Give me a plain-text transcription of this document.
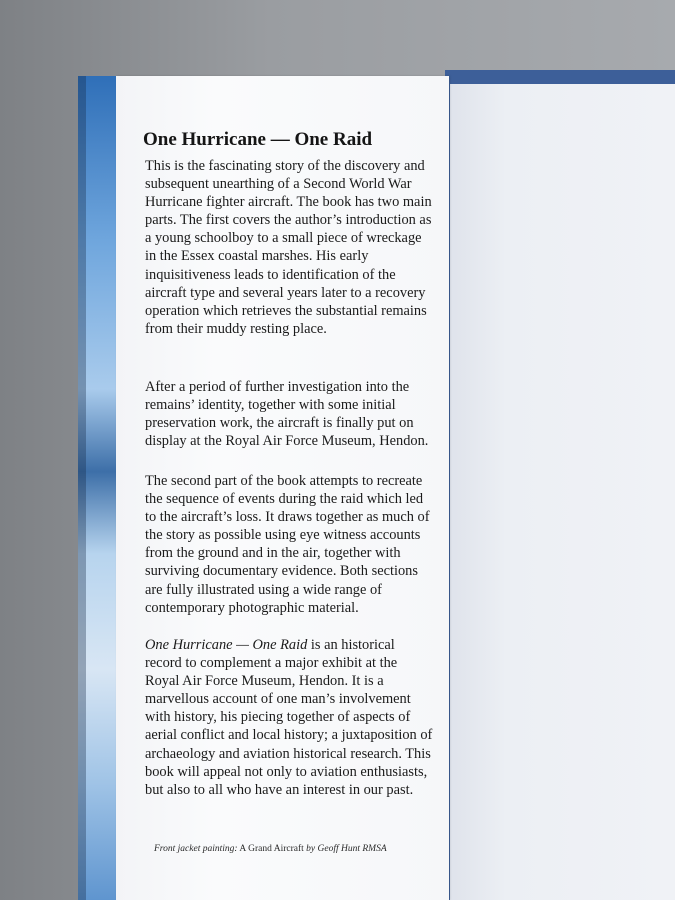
One Hurricane — One Raid

This is the fascinating story of the discovery and subsequent unearthing of a Second World War Hurricane fighter aircraft. The book has two main parts. The first covers the author’s introduction as a young schoolboy to a small piece of wreckage in the Essex coastal marshes. His early inquisitiveness leads to identification of the aircraft type and several years later to a recovery operation which retrieves the substantial remains from their muddy resting place.

After a period of further investigation into the remains’ identity, together with some initial preservation work, the aircraft is finally put on display at the Royal Air Force Museum, Hendon.

The second part of the book attempts to recreate the sequence of events during the raid which led to the aircraft’s loss. It draws together as much of the story as possible using eye witness accounts from the ground and in the air, together with surviving documentary evidence. Both sections are fully illustrated using a wide range of contemporary photographic material.

One Hurricane — One Raid is an historical record to complement a major exhibit at the Royal Air Force Museum, Hendon. It is a marvellous account of one man’s involvement with history, his piecing together of aspects of aerial conflict and local history; a juxtaposition of archaeology and aviation historical research. This book will appeal not only to aviation enthusiasts, but also to all who have an interest in our past.

Front jacket painting: A Grand Aircraft by Geoff Hunt RMSA
